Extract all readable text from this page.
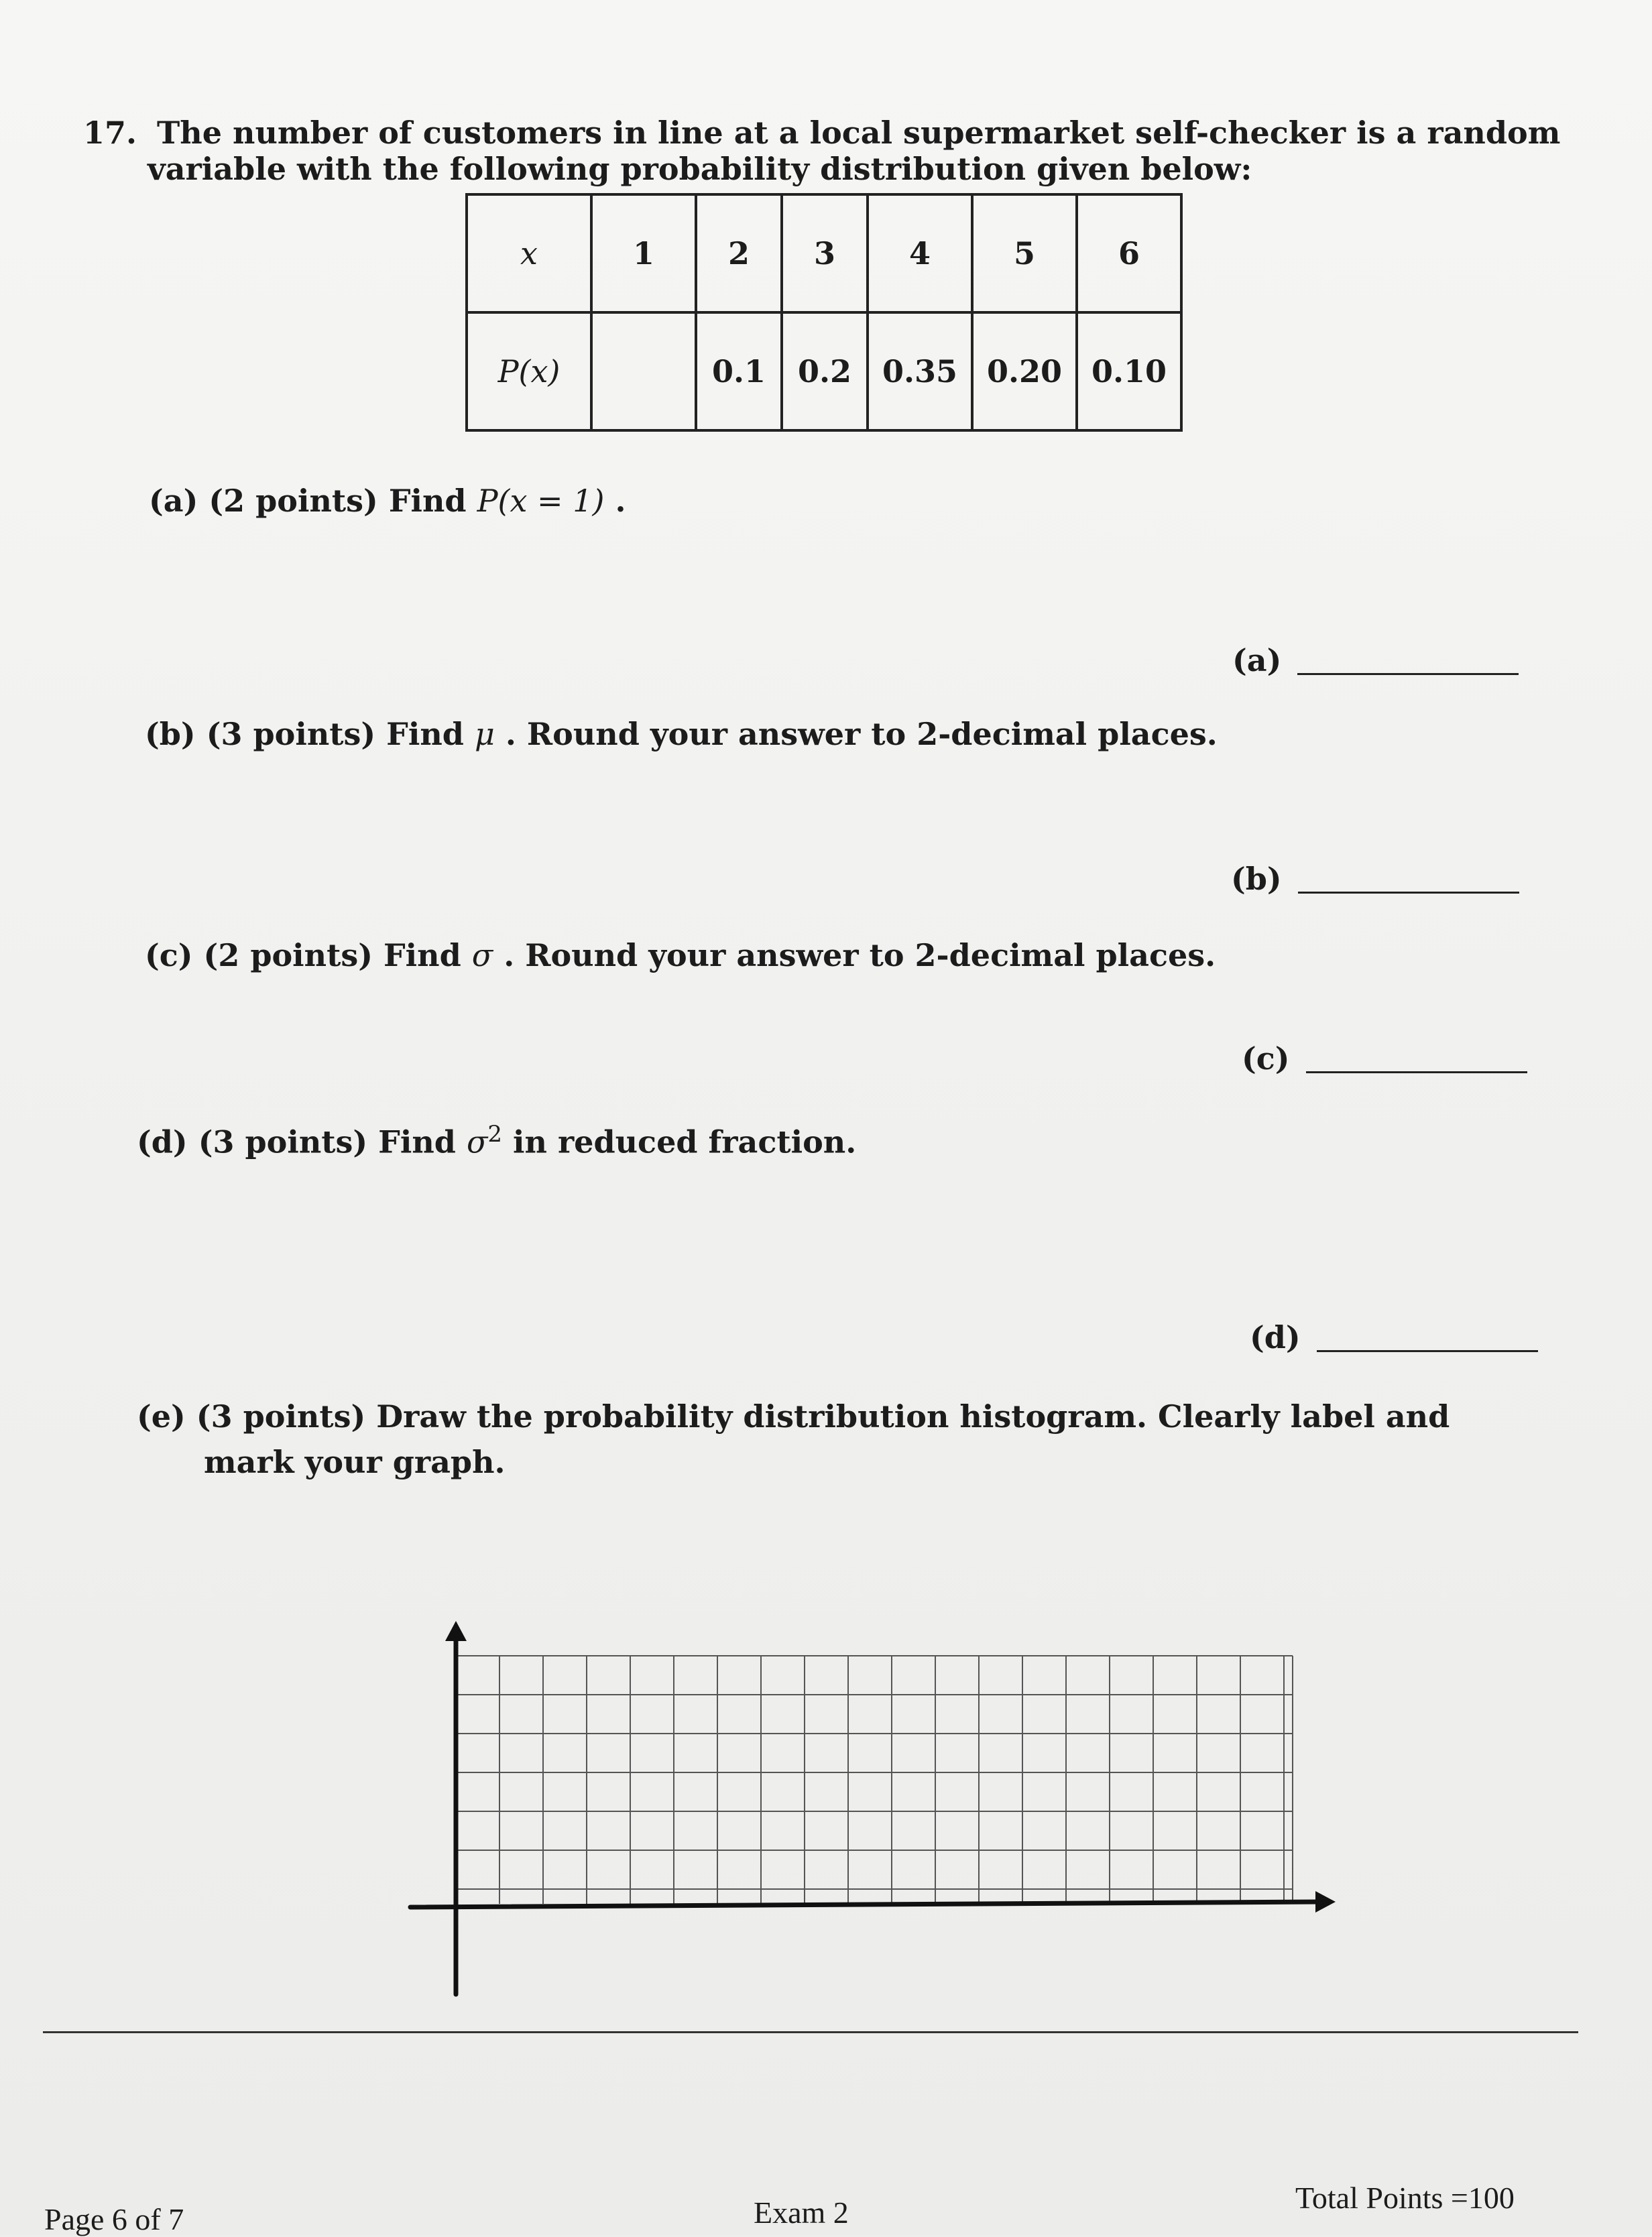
17. The number of customers in line at a local supermarket self-checker is a random
variable with the following probability distribution given below:
x	1	2	3	4	5	6
P(x)		0.1	0.2	0.35	0.20	0.10
(a) (2 points) Find P(x = 1) .
(a)
(b) (3 points) Find μ . Round your answer to 2-decimal places.
(b)
(c) (2 points) Find σ . Round your answer to 2-decimal places.
(c)
(d) (3 points) Find $\sigma^2$ in reduced fraction.
(d)
(e) (3 points) Draw the probability distribution histogram. Clearly label and
mark your graph.
Page 6 of 7	Exam 2	Total Points =100
